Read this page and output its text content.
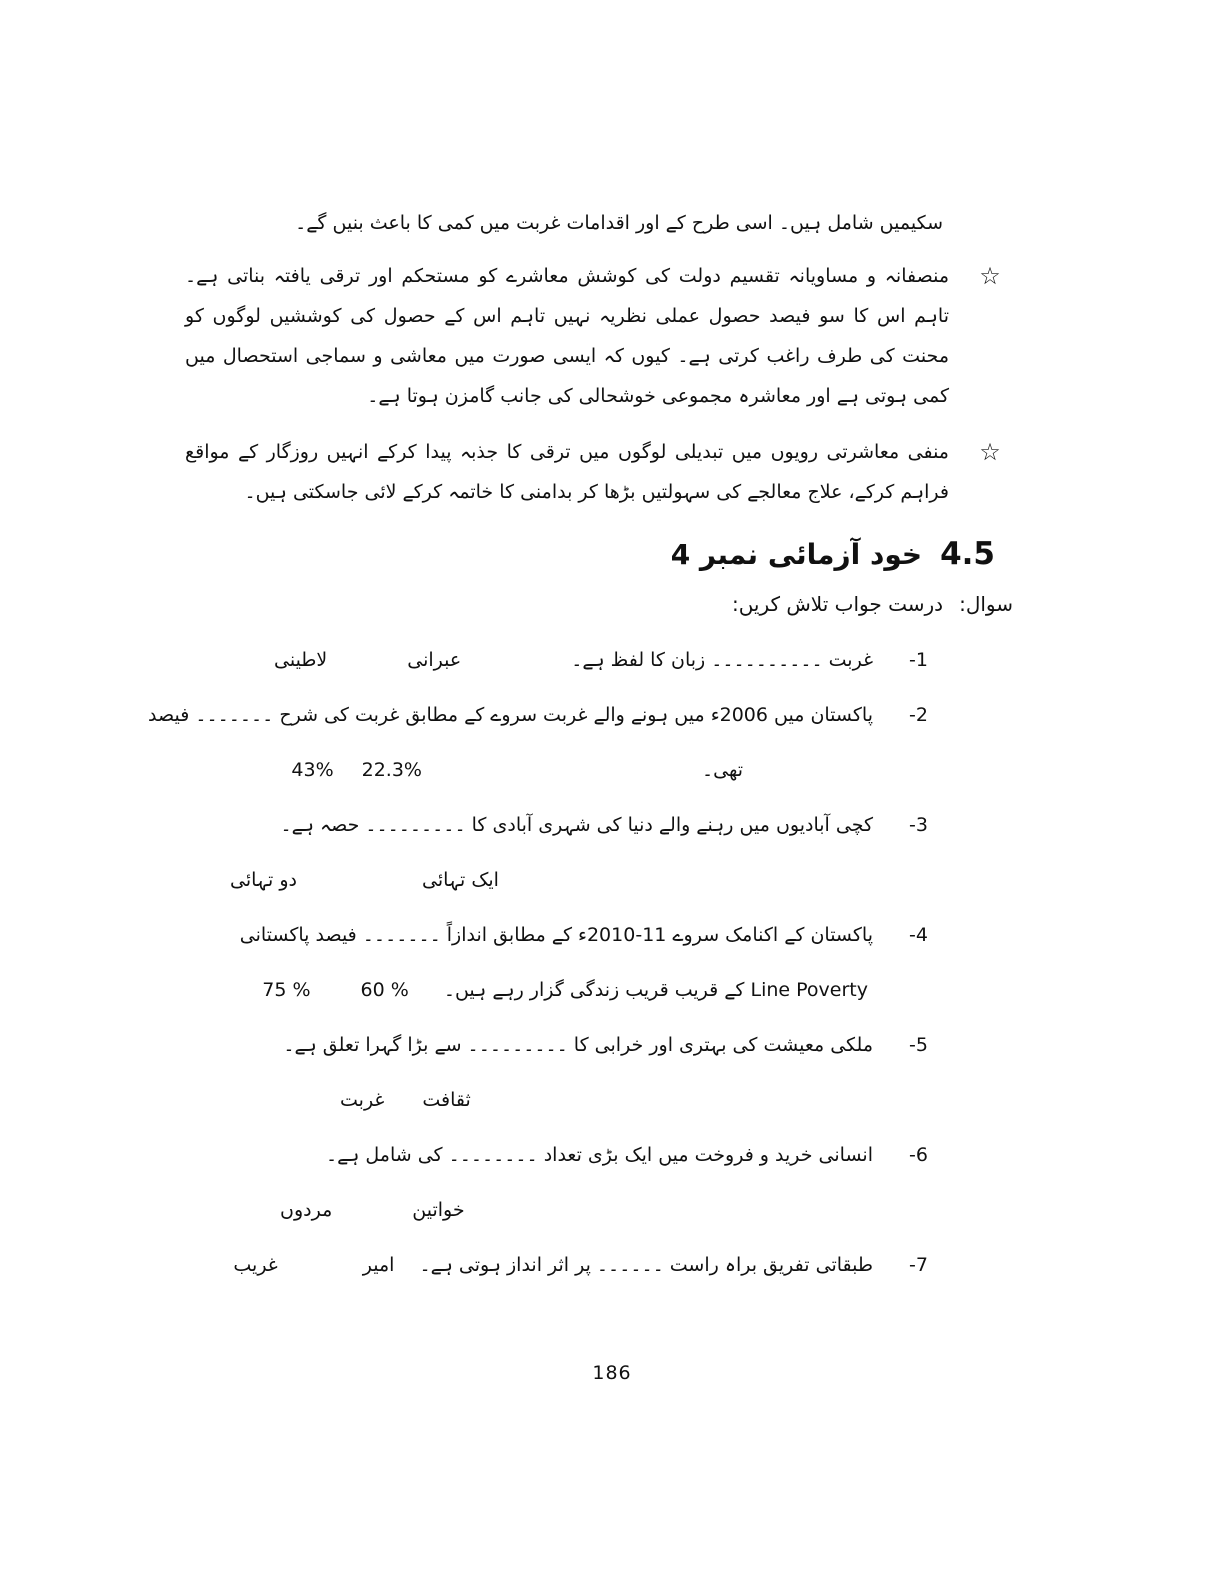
سکیمیں شامل ہیں۔ اسی طرح کے اور اقدامات غربت میں کمی کا باعث بنیں گے۔

☆

منصفانہ و مساویانہ تقسیم دولت کی کوشش معاشرے کو مستحکم اور ترقی یافتہ بناتی ہے۔ تاہم اس کا سو فیصد حصول عملی نظریہ نہیں تاہم اس کے حصول کی کوششیں لوگوں کو محنت کی طرف راغب کرتی ہے۔ کیوں کہ ایسی صورت میں معاشی و سماجی استحصال میں کمی ہوتی ہے اور معاشرہ مجموعی خوشحالی کی جانب گامزن ہوتا ہے۔

☆

منفی معاشرتی رویوں میں تبدیلی لوگوں میں ترقی کا جذبہ پیدا کرکے انہیں روزگار کے مواقع فراہم کرکے، علاج معالجے کی سہولتیں بڑھا کر بدامنی کا خاتمہ کرکے لائی جاسکتی ہیں۔

4.5
خود آزمائی نمبر 4
سوال:
درست جواب تلاش کریں:
-1
غربت ۔۔۔۔۔۔۔۔۔۔ زبان کا لفظ ہے۔
عبرانی
لاطینی
-2
پاکستان میں 2006ء میں ہونے والے غربت سروے کے مطابق غربت کی شرح ۔۔۔۔۔۔۔ فیصد
تھی۔
22.3%
43%
-3
کچی آبادیوں میں رہنے والے دنیا کی شہری آبادی کا ۔۔۔۔۔۔۔۔۔ حصہ ہے۔
ایک تہائی
دو تہائی
-4
پاکستان کے اکنامک سروے 11-2010ء کے مطابق اندازاً ۔۔۔۔۔۔۔ فیصد پاکستانی
Line Poverty کے قریب قریب زندگی گزار رہے ہیں۔
60 %
75 %
-5
ملکی معیشت کی بہتری اور خرابی کا ۔۔۔۔۔۔۔۔۔ سے بڑا گہرا تعلق ہے۔
ثقافت
غربت
-6
انسانی خرید و فروخت میں ایک بڑی تعداد ۔۔۔۔۔۔۔۔ کی شامل ہے۔
خواتین
مردوں
-7
طبقاتی تفریق براہ راست ۔۔۔۔۔۔ پر اثر انداز ہوتی ہے۔
امیر
غریب
186
